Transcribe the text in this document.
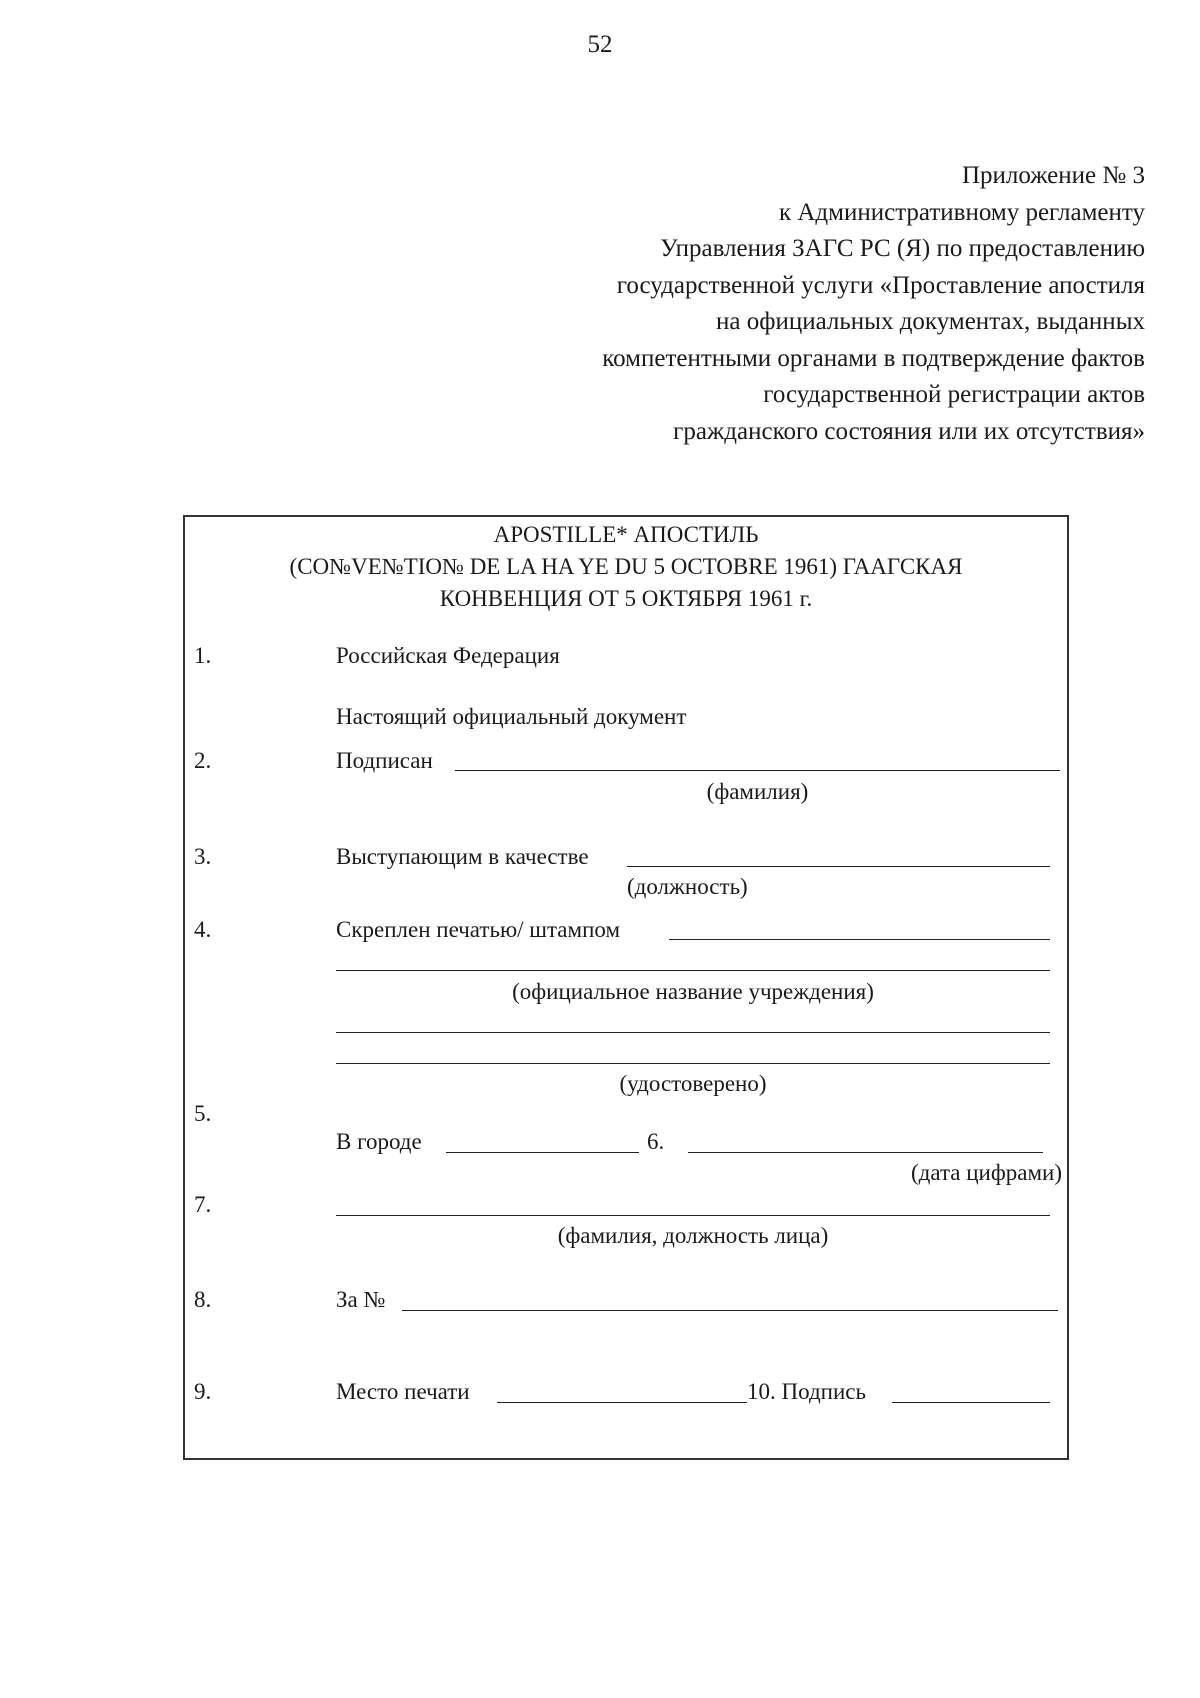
52
Приложение № 3
к Административному регламенту
Управления ЗАГС РС (Я) по предоставлению
государственной услуги «Проставление апостиля
на официальных документах, выданных
компетентными органами в подтверждение фактов
государственной регистрации актов
гражданского состояния или их отсутствия»
APOSTILLE* АПОСТИЛЬ
(CO№VE№TIO№ DE LA HA YE DU 5 OCTOBRE 1961) ГААГСКАЯ
КОНВЕНЦИЯ ОТ 5 ОКТЯБРЯ 1961 г.
1.	Российская Федерация
Настоящий официальный документ
2.	Подписан
(фамилия)
3.	Выступающим в качестве
(должность)
4.	Скреплен печатью/ штампом
(официальное название учреждения)
(удостоверено)
5.
В городе	6.
(дата цифрами)
7.
(фамилия, должность лица)
8.	За №
9.	Место печати	10. Подпись
